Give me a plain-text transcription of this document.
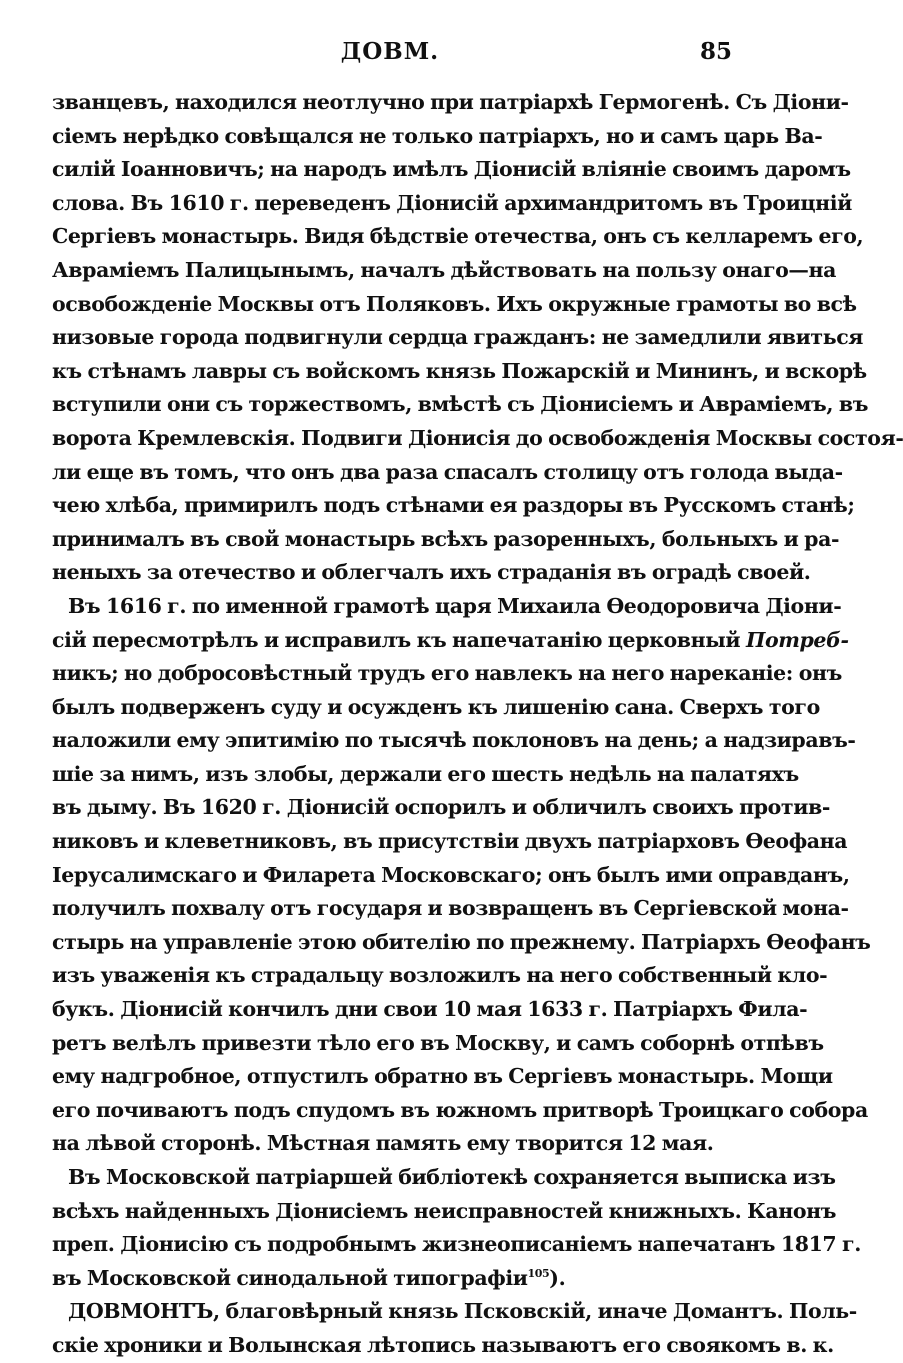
ДОВМ.	85
званцевъ, находился неотлучно при патріархѣ Гермогенѣ. Съ Діони-
сіемъ нерѣдко совѣщался не только патріархъ, но и самъ царь Ва-
силій Іоанновичъ; на народъ имѣлъ Діонисій вліяніе своимъ даромъ
слова. Въ 1610 г. переведенъ Діонисій архимандритомъ въ Троицній
Сергіевъ монастырь. Видя бѣдствіе отечества, онъ съ келларемъ его,
Авраміемъ Палицынымъ, началъ дѣйствовать на пользу онаго—на
освобожденіе Москвы отъ Поляковъ. Ихъ окружные грамоты во всѣ
низовые города подвигнули сердца гражданъ: не замедлили явиться
къ стѣнамъ лавры съ войскомъ князь Пожарскій и Мининъ, и вскорѣ
вступили они съ торжествомъ, вмѣстѣ съ Діонисіемъ и Авраміемъ, въ
ворота Кремлевскія. Подвиги Діонисія до освобожденія Москвы состоя-
ли еще въ томъ, что онъ два раза спасалъ столицу отъ голода выда-
чею хлѣба, примирилъ подъ стѣнами ея раздоры въ Русскомъ станѣ;
принималъ въ свой монастырь всѣхъ разоренныхъ, больныхъ и ра-
неныхъ за отечество и облегчалъ ихъ страданія въ оградѣ своей.
Въ 1616 г. по именной грамотѣ царя Михаила Ѳеодоровича Діони-
сій пересмотрѣлъ и исправилъ къ напечатанію церковный Потреб-
никъ; но добросовѣстный трудъ его навлекъ на него нареканіе: онъ
былъ подверженъ суду и осужденъ къ лишенію сана. Сверхъ того
наложили ему эпитимію по тысячѣ поклоновъ на день; а надзиравъ-
шіе за нимъ, изъ злобы, держали его шесть недѣль на палатяхъ
въ дыму. Въ 1620 г. Діонисій оспорилъ и обличилъ своихъ против-
никовъ и клеветниковъ, въ присутствіи двухъ патріарховъ Ѳеофана
Іерусалимскаго и Филарета Московскаго; онъ былъ ими оправданъ,
получилъ похвалу отъ государя и возвращенъ въ Сергіевской мона-
стырь на управленіе этою обителію по прежнему. Патріархъ Ѳеофанъ
изъ уваженія къ страдальцу возложилъ на него собственный кло-
букъ. Діонисій кончилъ дни свои 10 мая 1633 г. Патріархъ Фила-
ретъ велѣлъ привезти тѣло его въ Москву, и самъ соборнѣ отпѣвъ
ему надгробное, отпустилъ обратно въ Сергіевъ монастырь. Мощи
его почиваютъ подъ спудомъ въ южномъ притворѣ Троицкаго собора
на лѣвой сторонѣ. Мѣстная память ему творится 12 мая.
Въ Московской патріаршей библіотекѣ сохраняется выписка изъ
всѣхъ найденныхъ Діонисіемъ неисправностей книжныхъ. Канонъ
преп. Діонисію съ подробнымъ жизнеописаніемъ напечатанъ 1817 г.
въ Московской синодальной типографіи$^{105}$).
ДОВМОНТЪ, благовѣрный князь Псковскій, иначе Домантъ. Поль-
скіе хроники и Волынская лѣтопись называютъ его своякомъ в. к.
